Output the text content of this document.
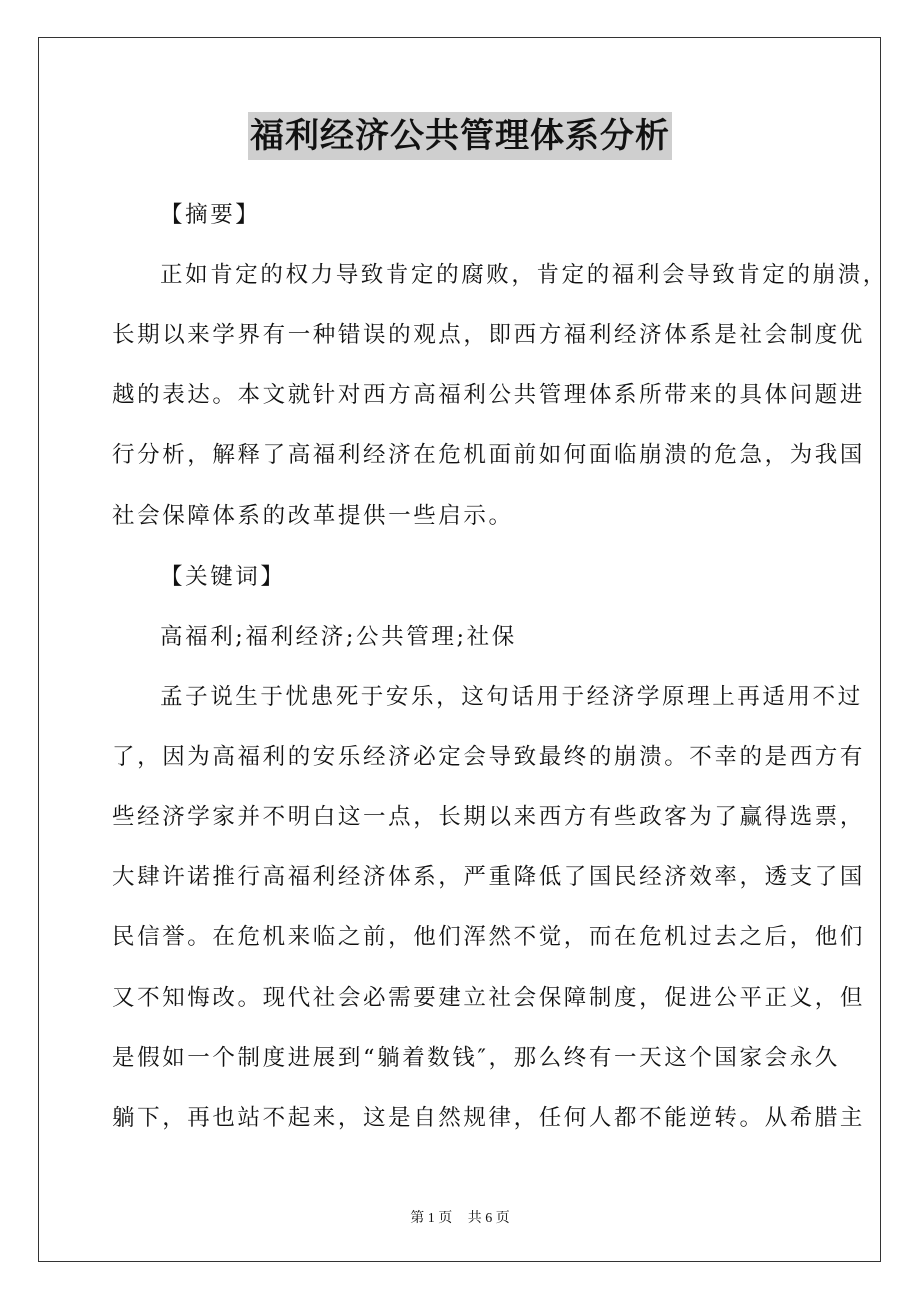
福利经济公共管理体系分析
【摘要】
正如肯定的权力导致肯定的腐败，肯定的福利会导致肯定的崩溃，
长期以来学界有一种错误的观点，即西方福利经济体系是社会制度优
越的表达。本文就针对西方高福利公共管理体系所带来的具体问题进
行分析，解释了高福利经济在危机面前如何面临崩溃的危急，为我国
社会保障体系的改革提供一些启示。
【关键词】
高福利;福利经济;公共管理;社保
孟子说生于忧患死于安乐，这句话用于经济学原理上再适用不过
了，因为高福利的安乐经济必定会导致最终的崩溃。不幸的是西方有
些经济学家并不明白这一点，长期以来西方有些政客为了赢得选票，
大肆许诺推行高福利经济体系，严重降低了国民经济效率，透支了国
民信誉。在危机来临之前，他们浑然不觉，而在危机过去之后，他们
又不知悔改。现代社会必需要建立社会保障制度，促进公平正义，但
是假如一个制度进展到“躺着数钱″，那么终有一天这个国家会永久
躺下，再也站不起来，这是自然规律，任何人都不能逆转。从希腊主
第 1 页 共 6 页
